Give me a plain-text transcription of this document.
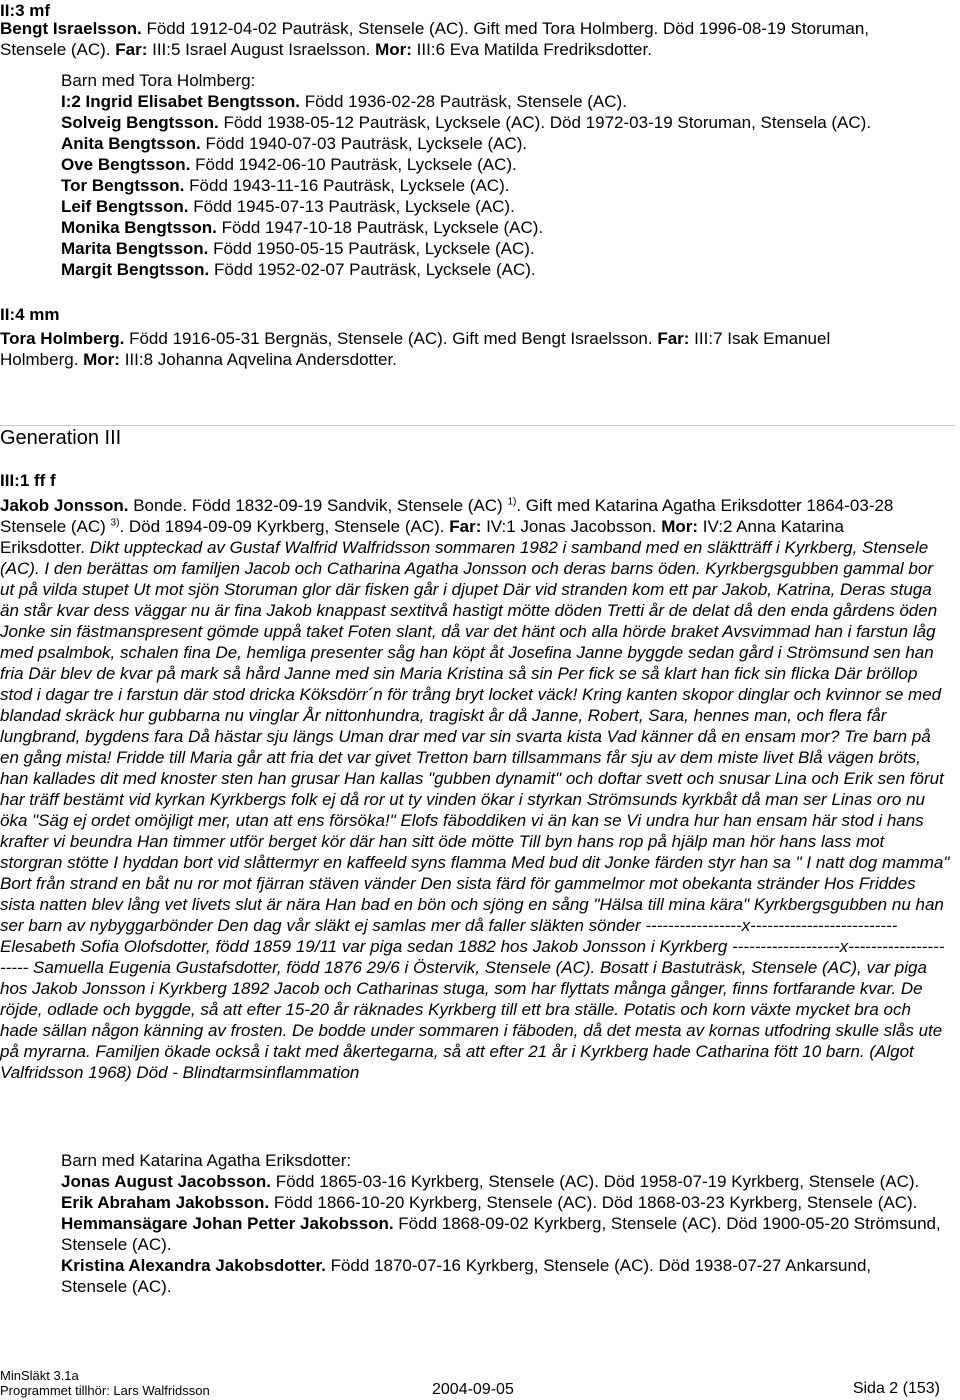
II:3 mf

Bengt Israelsson. Född 1912-04-02 Pauträsk, Stensele (AC). Gift med Tora Holmberg. Död 1996-08-19 Storuman,
Stensele (AC). Far: III:5 Israel August Israelsson. Mor: III:6 Eva Matilda Fredriksdotter.

Barn med Tora Holmberg:

I:2 Ingrid Elisabet Bengtsson. Född 1936-02-28 Pauträsk, Stensele (AC).

Solveig Bengtsson. Född 1938-05-12 Pauträsk, Lycksele (AC). Död 1972-03-19 Storuman, Stensela (AC).

Anita Bengtsson. Född 1940-07-03 Pauträsk, Lycksele (AC).

Ove Bengtsson. Född 1942-06-10 Pauträsk, Lycksele (AC).

Tor Bengtsson. Född 1943-11-16 Pauträsk, Lycksele (AC).

Leif Bengtsson. Född 1945-07-13 Pauträsk, Lycksele (AC).

Monika Bengtsson. Född 1947-10-18 Pauträsk, Lycksele (AC).

Marita Bengtsson. Född 1950-05-15 Pauträsk, Lycksele (AC).

Margit Bengtsson. Född 1952-02-07 Pauträsk, Lycksele (AC).

II:4 mm

Tora Holmberg. Född 1916-05-31 Bergnäs, Stensele (AC). Gift med Bengt Israelsson. Far: III:7 Isak Emanuel
Holmberg. Mor: III:8 Johanna Aqvelina Andersdotter.

Generation III

III:1 ff f

Jakob Jonsson. Bonde. Född 1832-09-19 Sandvik, Stensele (AC) $^{1)}$. Gift med Katarina Agatha Eriksdotter 1864-03-28
Stensele (AC) $^{3)}$. Död 1894-09-09 Kyrkberg, Stensele (AC). Far: IV:1 Jonas Jacobsson. Mor: IV:2 Anna Katarina
Eriksdotter. Dikt uppteckad av Gustaf Walfrid Walfridsson sommaren 1982 i samband med en släktträff i Kyrkberg, Stensele (AC). I den berättas om familjen Jacob och Catharina Agatha Jonsson och deras barns öden. Kyrkbergsgubben gammal bor ut på vilda stupet Ut mot sjön Storuman glor där fisken går i djupet Där vid stranden kom ett par Jakob, Katrina, Deras stuga än står kvar dess väggar nu är fina Jakob knappast sextitvå hastigt mötte döden Tretti år de delat då den enda gårdens öden Jonke sin fästmanspresent gömde uppå taket Foten slant, då var det hänt och alla hörde braket Avsvimmad han i farstun låg med psalmbok, schalen fina De, hemliga presenter såg han köpt åt Josefina Janne byggde sedan gård i Strömsund sen han fria Där blev de kvar på mark så hård Janne med sin Maria Kristina så sin Per fick se så klart han fick sin flicka Där bröllop stod i dagar tre i farstun där stod dricka Köksdörr´n för trång bryt locket väck! Kring kanten skopor dinglar och kvinnor se med blandad skräck hur gubbarna nu vinglar År nittonhundra, tragiskt år då Janne, Robert, Sara, hennes man, och flera får lungbrand, bygdens fara Då hästar sju längs Uman drar med var sin svarta kista Vad känner då en ensam mor? Tre barn på en gång mista! Fridde till Maria går att fria det var givet Tretton barn tillsammans får sju av dem miste livet Blå vägen bröts, han kallades dit med knoster sten han grusar Han kallas "gubben dynamit" och doftar svett och snusar Lina och Erik sen förut har träff bestämt vid kyrkan Kyrkbergs folk ej då ror ut ty vinden ökar i styrkan Strömsunds kyrkbåt då man ser Linas oro nu öka "Säg ej ordet omöjligt mer, utan att ens försöka!" Elofs fäboddiken vi än kan se Vi undra hur han ensam här stod i hans krafter vi beundra Han timmer utför berget kör där han sitt öde mötte Till byn hans rop på hjälp man hör hans lass mot storgran stötte I hyddan bort vid slåttermyr en kaffeeld syns flamma Med bud dit Jonke färden styr han sa " I natt dog mamma" Bort från strand en båt nu ror mot fjärran stäven vänder Den sista färd för gammelmor mot obekanta stränder Hos Friddes sista natten blev lång vet livets slut är nära Han bad en bön och sjöng en sång "Hälsa till mina kära" Kyrkbergsgubben nu han ser barn av nybyggarbönder Den dag vår släkt ej samlas mer då faller släkten sönder -----------------x-------------------------- Elesabeth Sofia Olofsdotter, född 1859 19/11 var piga sedan 1882 hos Jakob Jonsson i Kyrkberg -------------------x---------------------- Samuella Eugenia Gustafsdotter, född 1876 29/6 i Östervik, Stensele (AC). Bosatt i Bastuträsk, Stensele (AC), var piga hos Jakob Jonsson i Kyrkberg 1892 Jacob och Catharinas stuga, som har flyttats många gånger, finns fortfarande kvar. De röjde, odlade och byggde, så att efter 15-20 år räknades Kyrkberg till ett bra ställe. Potatis och korn växte mycket bra och hade sällan någon känning av frosten. De bodde under sommaren i fäboden, då det mesta av kornas utfodring skulle slås ute på myrarna. Familjen ökade också i takt med åkertegarna, så att efter 21 år i Kyrkberg hade Catharina fött 10 barn. (Algot Valfridsson 1968) Död - Blindtarmsinflammation

Barn med Katarina Agatha Eriksdotter:

Jonas August Jacobsson. Född 1865-03-16 Kyrkberg, Stensele (AC). Död 1958-07-19 Kyrkberg, Stensele (AC).

Erik Abraham Jakobsson. Född 1866-10-20 Kyrkberg, Stensele (AC). Död 1868-03-23 Kyrkberg, Stensele (AC).

Hemmansägare Johan Petter Jakobsson. Född 1868-09-02 Kyrkberg, Stensele (AC). Död 1900-05-20 Strömsund, Stensele (AC).

Kristina Alexandra Jakobsdotter. Född 1870-07-16 Kyrkberg, Stensele (AC). Död 1938-07-27 Ankarsund, Stensele (AC).

MinSläkt 3.1a
Programmet tillhör: Lars Walfridsson	2004-09-05	Sida 2 (153)
